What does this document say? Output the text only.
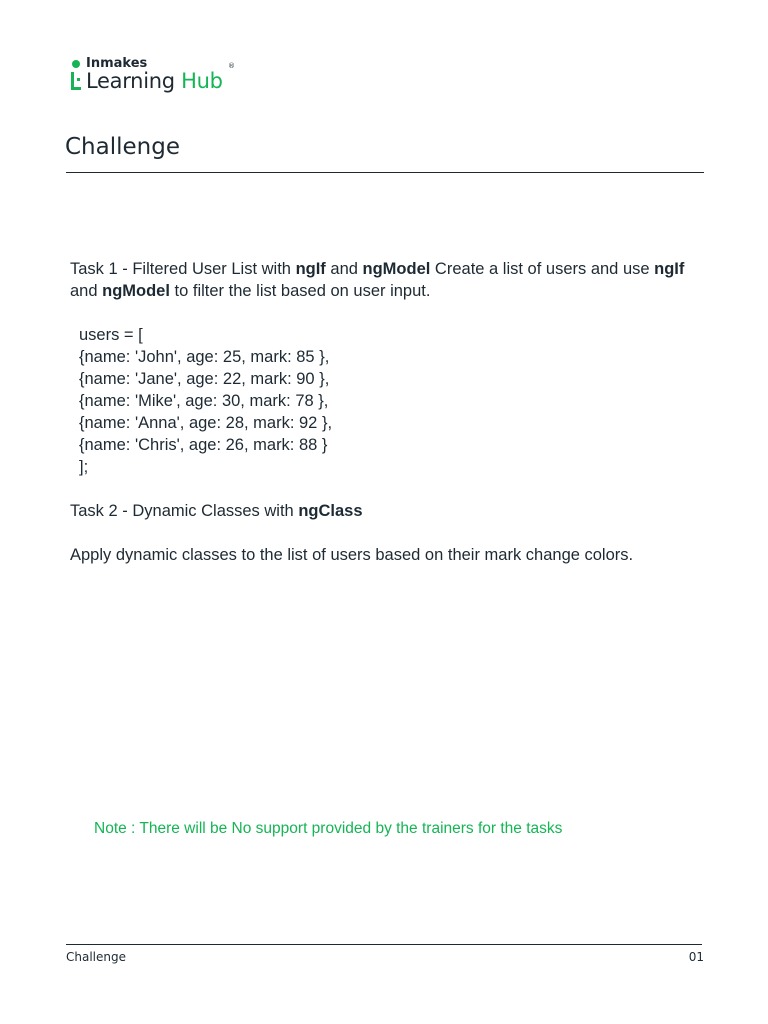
Inmakes
Learning Hub
®
Challenge

Task 1 - Filtered User List with ngIf and ngModel Create a list of users and use ngIf and ngModel to filter the list based on user input.

users = [
{name: 'John', age: 25, mark: 85 },
{name: 'Jane', age: 22, mark: 90 },
{name: 'Mike', age: 30, mark: 78 },
{name: 'Anna', age: 28, mark: 92 },
{name: 'Chris', age: 26, mark: 88 }
];

Task 2 - Dynamic Classes with ngClass

Apply dynamic classes to the list of users based on their mark change colors.

Note : There will be No support provided by the trainers for the tasks
Challenge	01
